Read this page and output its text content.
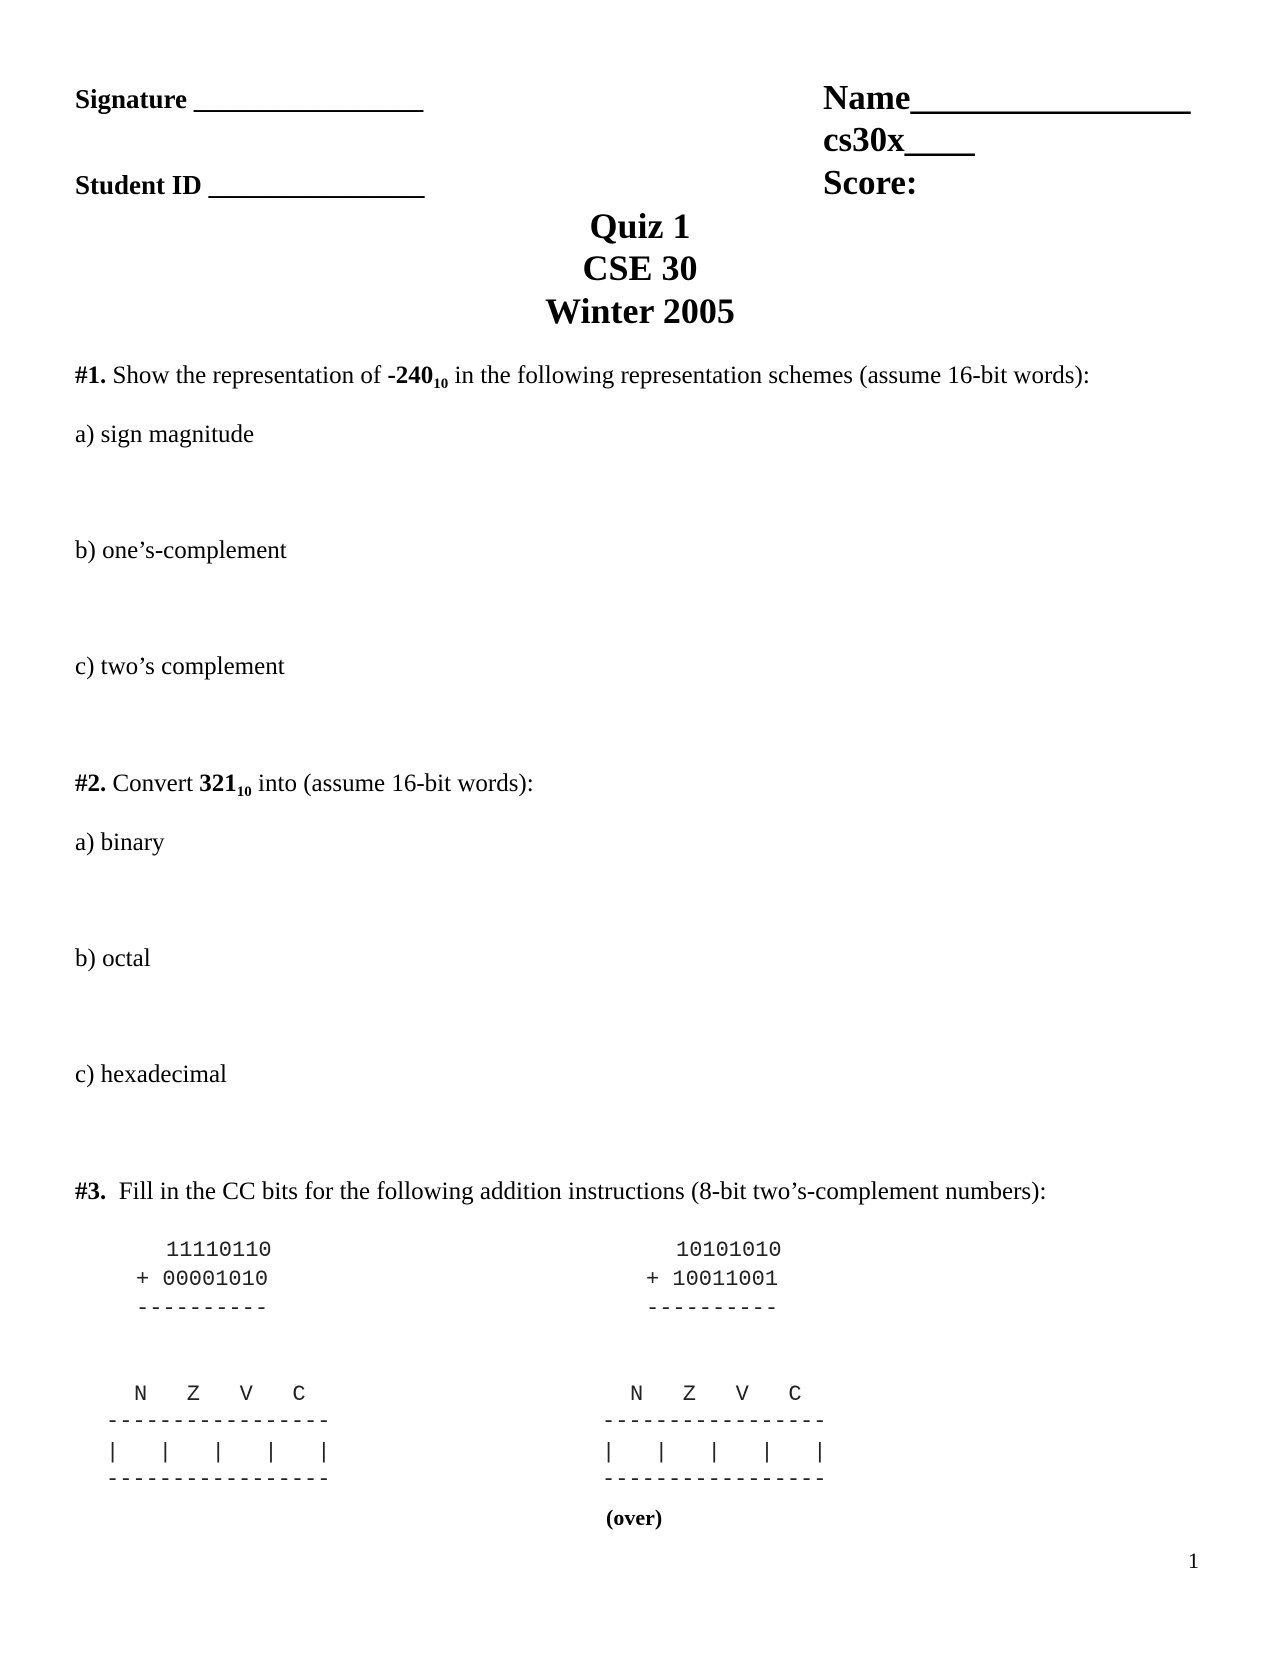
Signature _________________
Student ID ________________
Name________________
cs30x____
Score:
Quiz 1
CSE 30
Winter 2005
#1. Show the representation of $-240_{10}$ in the following representation schemes (assume 16-bit words):
a) sign magnitude
b) one’s-complement
c) two’s complement
#2. Convert $321_{10}$ into (assume 16-bit words):
a) binary
b) octal
c) hexadecimal
#3.  Fill in the CC bits for the following addition instructions (8-bit two’s-complement numbers):
11110110
+ 00001010
----------
N   Z   V   C
-----------------
|   |   |   |   |
-----------------
10101010
+ 10011001
----------
N   Z   V   C
-----------------
|   |   |   |   |
-----------------
(over)
1
